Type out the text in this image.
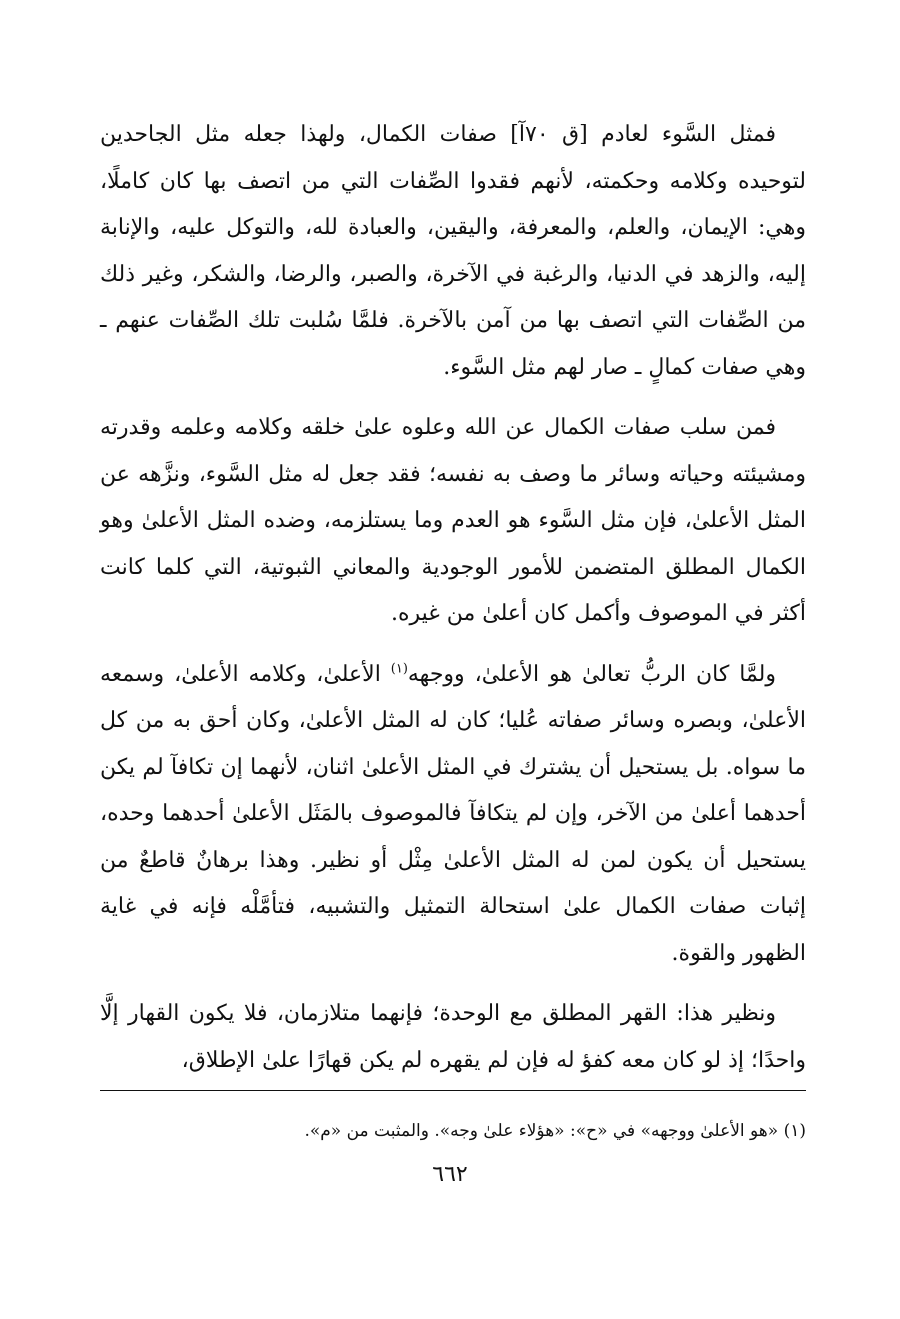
فمثل السَّوء لعادم [ق ٧٠آ] صفات الكمال، ولهذا جعله مثل الجاحدين لتوحيده وكلامه وحكمته، لأنهم فقدوا الصِّفات التي من اتصف بها كان كاملًا، وهي: الإيمان، والعلم، والمعرفة، واليقين، والعبادة لله، والتوكل عليه، والإنابة إليه، والزهد في الدنيا، والرغبة في الآخرة، والصبر، والرضا، والشكر، وغير ذلك من الصِّفات التي اتصف بها من آمن بالآخرة. فلمَّا سُلبت تلك الصِّفات عنهم ـ وهي صفات كمالٍ ـ صار لهم مثل السَّوء.

فمن سلب صفات الكمال عن الله وعلوه علىٰ خلقه وكلامه وعلمه وقدرته ومشيئته وحياته وسائر ما وصف به نفسه؛ فقد جعل له مثل السَّوء، ونزَّهه عن المثل الأعلىٰ، فإن مثل السَّوء هو العدم وما يستلزمه، وضده المثل الأعلىٰ وهو الكمال المطلق المتضمن للأمور الوجودية والمعاني الثبوتية، التي كلما كانت أكثر في الموصوف وأكمل كان أعلىٰ من غيره.

ولمَّا كان الربُّ تعالىٰ هو الأعلىٰ، ووجهه$^{(١)}$ الأعلىٰ، وكلامه الأعلىٰ، وسمعه الأعلىٰ، وبصره وسائر صفاته عُليا؛ كان له المثل الأعلىٰ، وكان أحق به من كل ما سواه. بل يستحيل أن يشترك في المثل الأعلىٰ اثنان، لأنهما إن تكافآ لم يكن أحدهما أعلىٰ من الآخر، وإن لم يتكافآ فالموصوف بالمَثَل الأعلىٰ أحدهما وحده، يستحيل أن يكون لمن له المثل الأعلىٰ مِثْل أو نظير. وهذا برهانٌ قاطعٌ من إثبات صفات الكمال علىٰ استحالة التمثيل والتشبيه، فتأمَّلْه فإنه في غاية الظهور والقوة.

ونظير هذا: القهر المطلق مع الوحدة؛ فإنهما متلازمان، فلا يكون القهار إلَّا واحدًا؛ إذ لو كان معه كفؤ له فإن لم يقهره لم يكن قهارًا علىٰ الإطلاق،

(١) «هو الأعلىٰ ووجهه» في «ح»: «هؤلاء علىٰ وجه». والمثبت من «م».
٦٦٢
